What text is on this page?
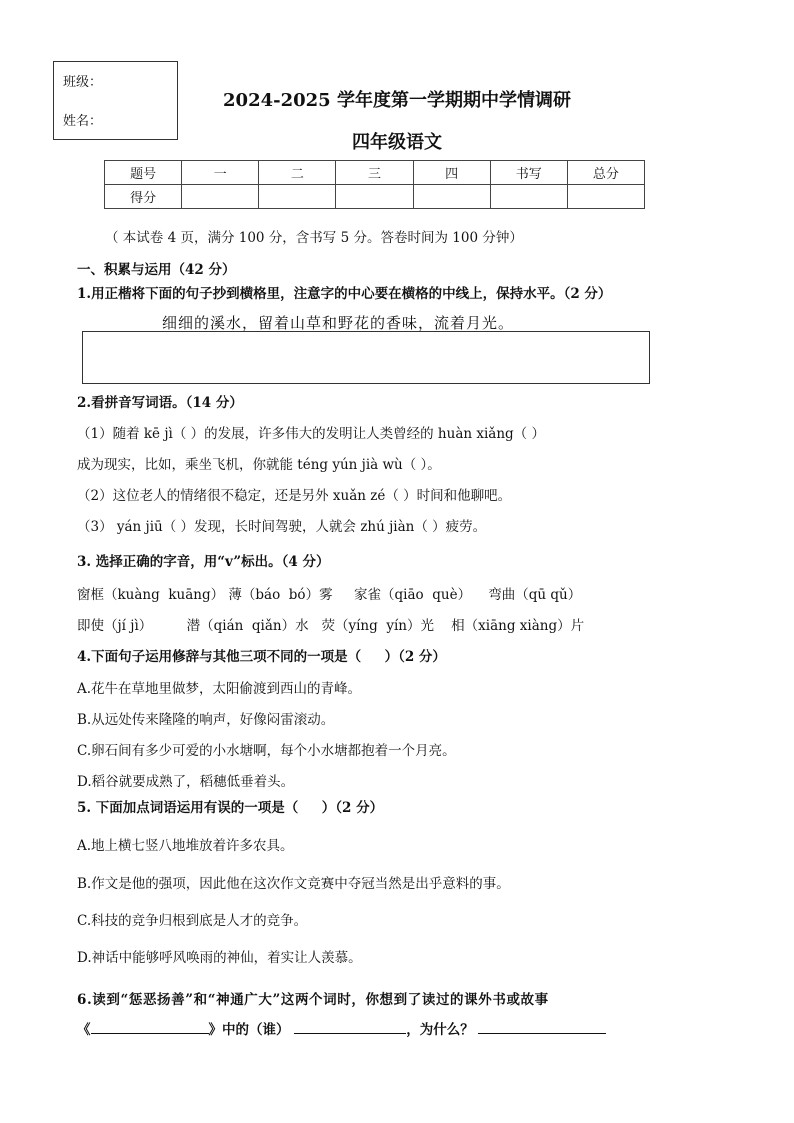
班级：
姓名：
2024-2025 学年度第一学期期中学情调研
四年级语文
题号	一	二	三	四	书写	总分
得分						
（ 本试卷 4 页，满分 100 分，含书写 5 分。答卷时间为 100 分钟）
一、积累与运用（42 分）
1.用正楷将下面的句子抄到横格里，注意字的中心要在横格的中线上，保持水平。（2 分）
细细的溪水，留着山草和野花的香味，流着月光。
2.看拼音写词语。（14 分）
（1）随着 kē jì（ ）的发展，许多伟大的发明让人类曾经的 huàn xiǎng（ ）
成为现实，比如，乘坐飞机，你就能 téng yún jià wù（ ）。
（2）这位老人的情绪很不稳定，还是另外 xuǎn zé（ ）时间和他聊吧。
（3） yán jiū（ ）发现，长时间驾驶，人就会 zhú jiàn（ ）疲劳。
3. 选择正确的字音，用“v”标出。（4 分）
窗框（kuàng  kuāng） 薄（báo  bó）雾     家雀（qiāo  què）    弯曲（qū qǔ）
即使（jí jì）        潜（qián  qiǎn）水   荧（yíng  yín）光    相（xiāng xiàng）片
4.下面句子运用修辞与其他三项不同的一项是（     ）（2 分）
A.花牛在草地里做梦，太阳偷渡到西山的青峰。
B.从远处传来隆隆的响声，好像闷雷滚动。
C.卵石间有多少可爱的小水塘啊，每个小水塘都抱着一个月亮。
D.稻谷就要成熟了，稻穗低垂着头。
5. 下面加点词语运用有误的一项是（     ）（2 分）
A.地上横七竖八地堆放着许多农具。
B.作文是他的强项，因此他在这次作文竞赛中夺冠当然是出乎意料的事。
C.科技的竞争归根到底是人才的竞争。
D.神话中能够呼风唤雨的神仙，着实让人羡慕。
6.读到“惩恶扬善”和“神通广大”这两个词时，你想到了读过的课外书或故事
《	》中的（谁）	，为什么？
